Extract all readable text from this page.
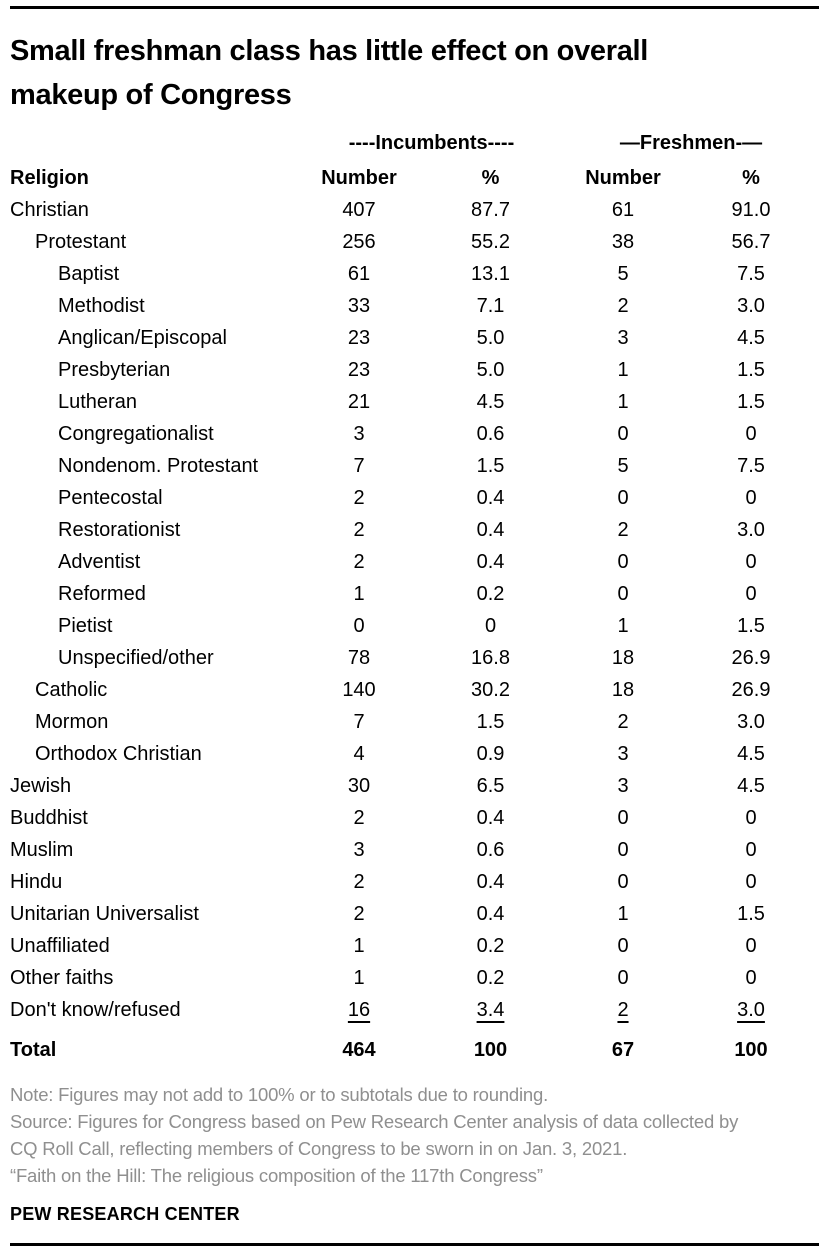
Small freshman class has little effect on overall
makeup of Congress
----Incumbents----	—Freshmen-—
Religion	Number	%	Number	%
Christian	407	87.7	61	91.0
Protestant	256	55.2	38	56.7
Baptist	61	13.1	5	7.5
Methodist	33	7.1	2	3.0
Anglican/Episcopal	23	5.0	3	4.5
Presbyterian	23	5.0	1	1.5
Lutheran	21	4.5	1	1.5
Congregationalist	3	0.6	0	0
Nondenom. Protestant	7	1.5	5	7.5
Pentecostal	2	0.4	0	0
Restorationist	2	0.4	2	3.0
Adventist	2	0.4	0	0
Reformed	1	0.2	0	0
Pietist	0	0	1	1.5
Unspecified/other	78	16.8	18	26.9
Catholic	140	30.2	18	26.9
Mormon	7	1.5	2	3.0
Orthodox Christian	4	0.9	3	4.5
Jewish	30	6.5	3	4.5
Buddhist	2	0.4	0	0
Muslim	3	0.6	0	0
Hindu	2	0.4	0	0
Unitarian Universalist	2	0.4	1	1.5
Unaffiliated	1	0.2	0	0
Other faiths	1	0.2	0	0
Don't know/refused	16	3.4	2	3.0
Total	464	100	67	100
Note: Figures may not add to 100% or to subtotals due to rounding.
Source: Figures for Congress based on Pew Research Center analysis of data collected by
CQ Roll Call, reflecting members of Congress to be sworn in on Jan. 3, 2021.
“Faith on the Hill: The religious composition of the 117th Congress”
PEW RESEARCH CENTER
